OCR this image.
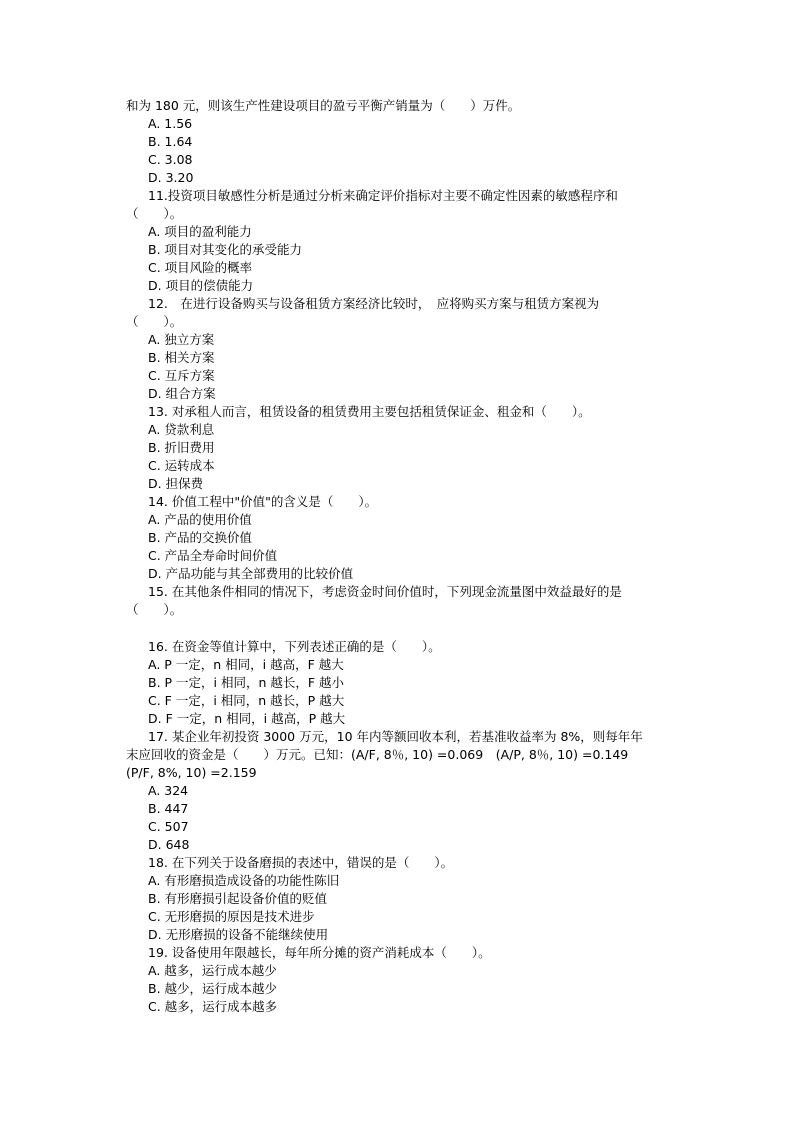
和为 180 元，则该生产性建设项目的盈亏平衡产销量为（　　）万件。

A. 1.56

B. 1.64

C. 3.08

D. 3.20

11.投资项目敏感性分析是通过分析来确定评价指标对主要不确定性因素的敏感程序和

（　　）。

A. 项目的盈利能力

B. 项目对其变化的承受能力

C. 项目风险的概率

D. 项目的偿债能力

12.　在进行设备购买与设备租赁方案经济比较时，　应将购买方案与租赁方案视为

（　　）。

A. 独立方案

B. 相关方案

C. 互斥方案

D. 组合方案

13. 对承租人而言，租赁设备的租赁费用主要包括租赁保证金、租金和（　　）。

A. 贷款利息

B. 折旧费用

C. 运转成本

D. 担保费

14. 价值工程中"价值"的含义是（　　）。

A. 产品的使用价值

B. 产品的交换价值

C. 产品全寿命时间价值

D. 产品功能与其全部费用的比较价值

15. 在其他条件相同的情况下，考虑资金时间价值时，下列现金流量图中效益最好的是

（　　）。

16. 在资金等值计算中，下列表述正确的是（　　）。

A. P 一定，n 相同，i 越高，F 越大

B. P 一定，i 相同，n 越长，F 越小

C. F 一定，i 相同，n 越长，P 越大

D. F 一定，n 相同，i 越高，P 越大

17. 某企业年初投资 3000 万元，10 年内等额回收本利，若基准收益率为 8%，则每年年

末应回收的资金是（　　）万元。已知：(A/F, 8％, 10) =0.069　(A/P, 8％, 10) =0.149

(P/F, 8%, 10) =2.159

A. 324

B. 447

C. 507

D. 648

18. 在下列关于设备磨损的表述中，错误的是（　　）。

A. 有形磨损造成设备的功能性陈旧

B. 有形磨损引起设备价值的贬值

C. 无形磨损的原因是技术进步

D. 无形磨损的设备不能继续使用

19. 设备使用年限越长，每年所分摊的资产消耗成本（　　）。

A. 越多，运行成本越少

B. 越少，运行成本越少

C. 越多，运行成本越多
